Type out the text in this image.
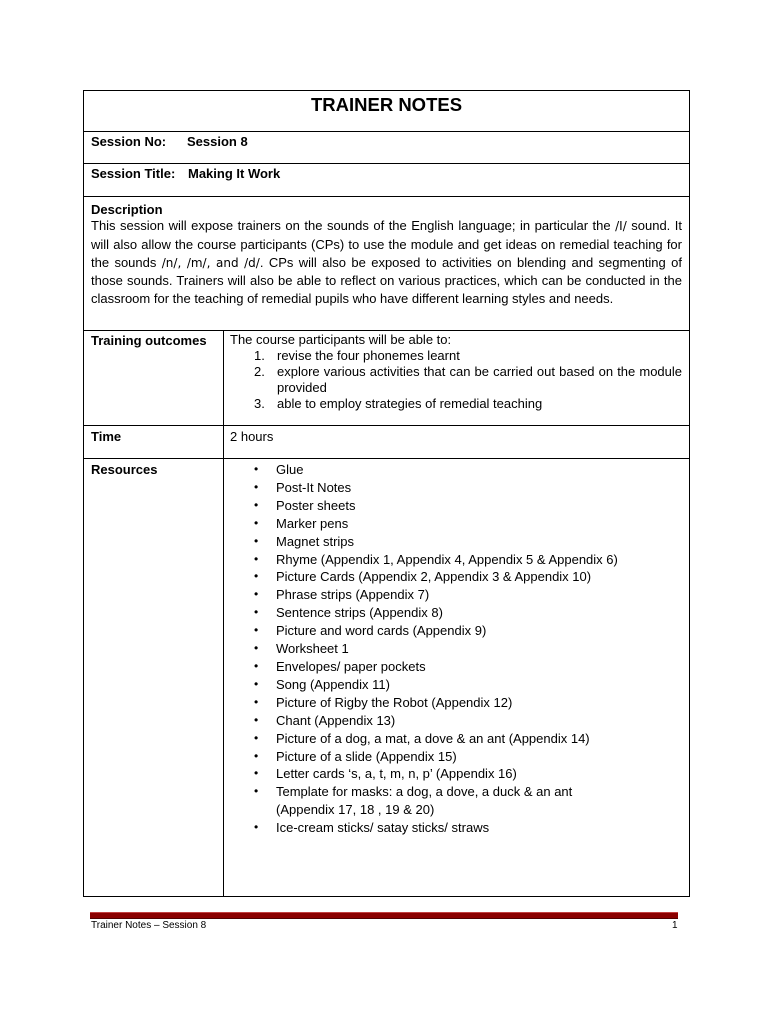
TRAINER NOTES
Session No: Session 8
Session Title: Making It Work
Description
This session will expose trainers on the sounds of the English language; in particular the /I/ sound. It will also allow the course participants (CPs) to use the module and get ideas on remedial teaching for the sounds /n/, /m/, and /d/. CPs will also be exposed to activities on blending and segmenting of those sounds. Trainers will also be able to reflect on various practices, which can be conducted in the classroom for the teaching of remedial pupils who have different learning styles and needs.
Training outcomes The course participants will be able to:
1. revise the four phonemes learnt
2. explore various activities that can be carried out based on the module provided
3. able to employ strategies of remedial teaching
Time	2 hours
Resources	• Glue
• Post-It Notes
• Poster sheets
• Marker pens
• Magnet strips
• Rhyme (Appendix 1, Appendix 4, Appendix 5 & Appendix 6)
• Picture Cards (Appendix 2, Appendix 3 & Appendix 10)
• Phrase strips (Appendix 7)
• Sentence strips (Appendix 8)
• Picture and word cards (Appendix 9)
• Worksheet 1
• Envelopes/ paper pockets
• Song (Appendix 11)
• Picture of Rigby the Robot (Appendix 12)
• Chant (Appendix 13)
• Picture of a dog, a mat, a dove & an ant (Appendix 14)
• Picture of a slide (Appendix 15)
• Letter cards ‘s, a, t, m, n, p’ (Appendix 16)
• Template for masks: a dog, a dove, a duck & an ant
(Appendix 17, 18 , 19 & 20)
• Ice-cream sticks/ satay sticks/ straws
Trainer Notes – Session 8	1
